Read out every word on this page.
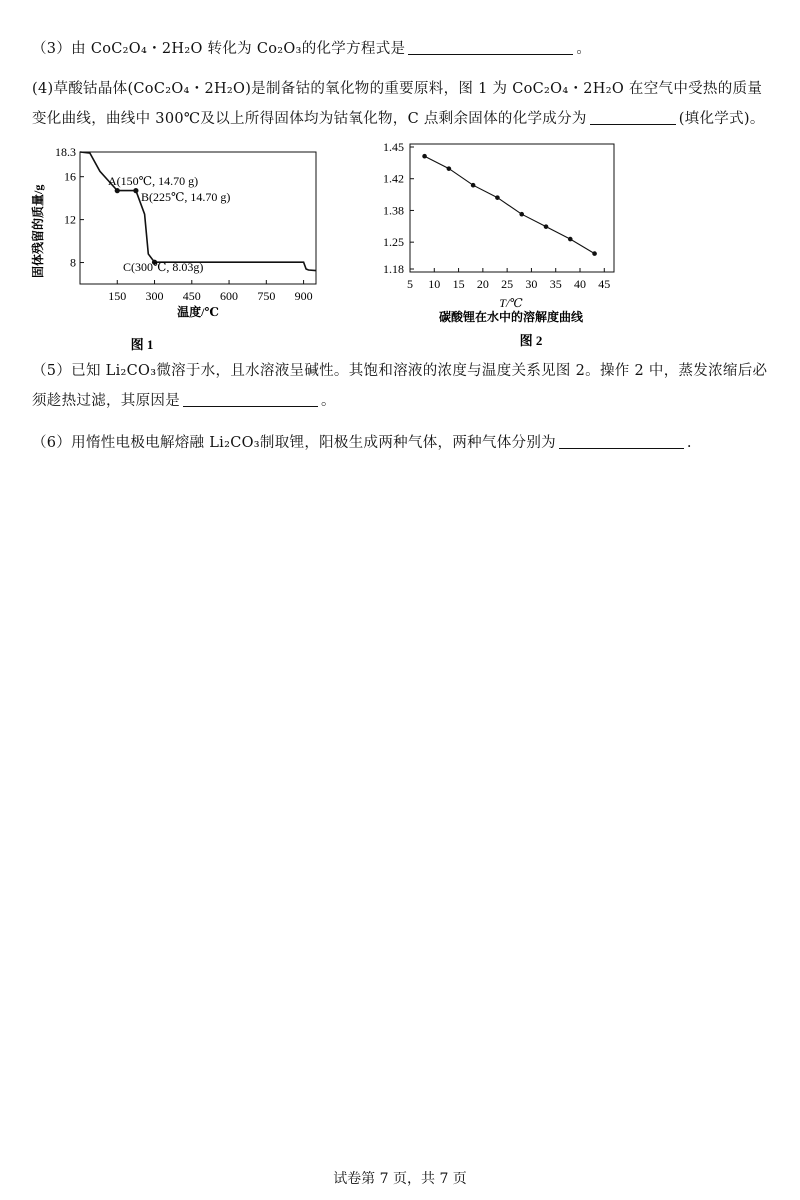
（3）由 CoC₂O₄・2H₂O 转化为 Co₂O₃的化学方程式是	。
(4)草酸钴晶体(CoC₂O₄・2H₂O)是制备钴的氧化物的重要原料，图 1 为 CoC₂O₄・2H₂O 在空气中受热的质量变化曲线，曲线中 300℃及以上所得固体均为钴氧化物，C 点剩余固体的化学成分为	(填化学式)。
18.3
16
12
8
150 300 450 600 750 900
A(150℃, 14.70 g)
B(225℃, 14.70 g)
C(300℃, 8.03g)
固体残留的质量/g
温度/℃
图 1
1.45
1.42
1.38
1.25
1.18
5 10 15 20 25 30 35 40 45
T/℃
碳酸锂在水中的溶解度曲线
图 2
（5）已知 Li₂CO₃微溶于水，且水溶液呈碱性。其饱和溶液的浓度与温度关系见图 2。操作 2 中，蒸发浓缩后必须趁热过滤，其原因是	。
（6）用惰性电极电解熔融 Li₂CO₃制取锂，阳极生成两种气体，两种气体分别为	.
试卷第 7 页，共 7 页
